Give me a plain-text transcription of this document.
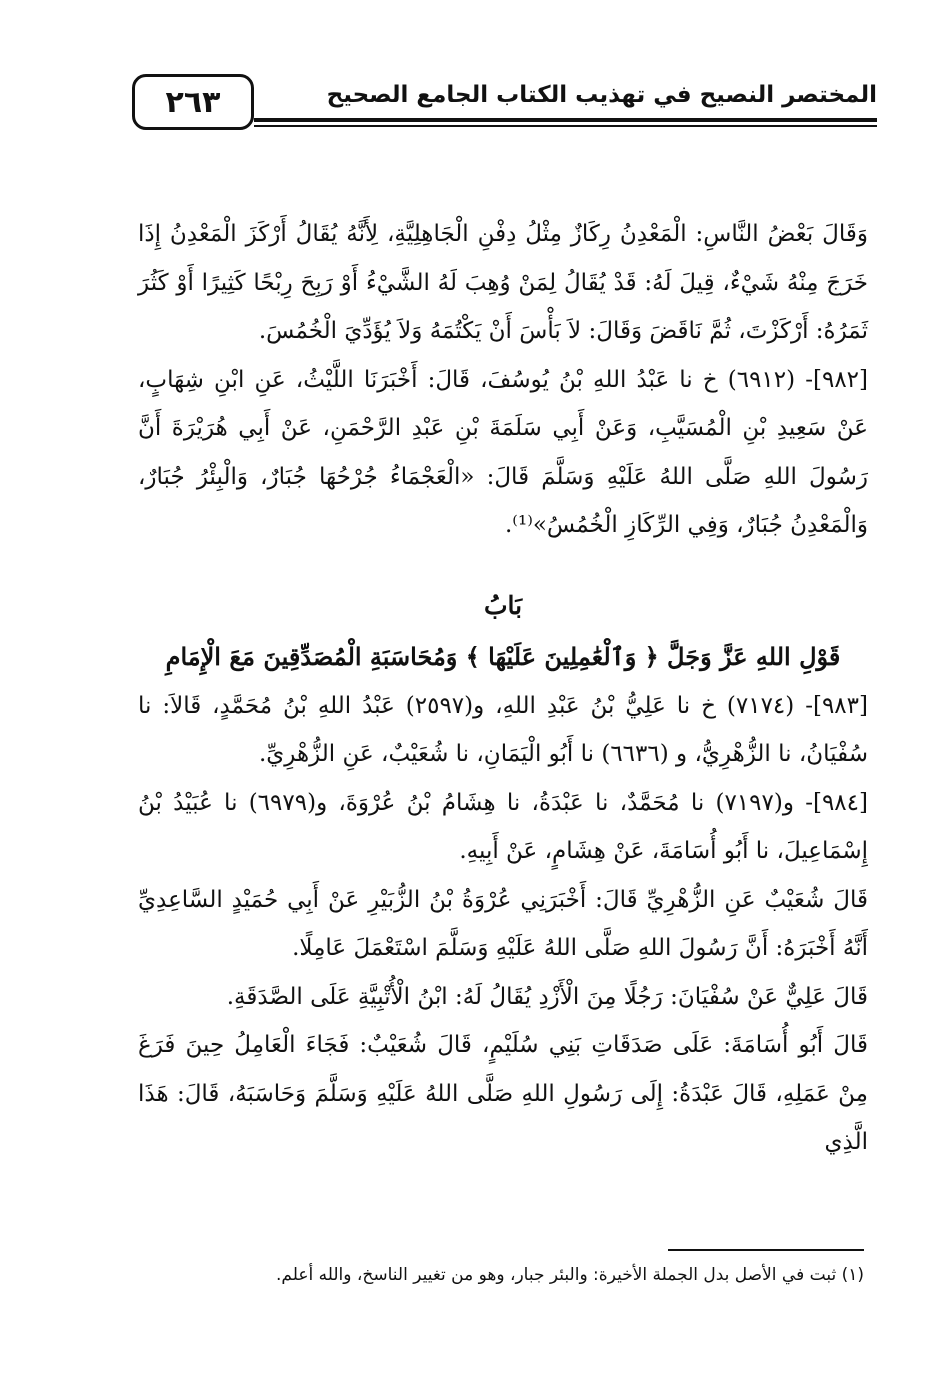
٢٦٣	المختصر النصيح في تهذيب الكتاب الجامع الصحيح

وَقَالَ بَعْضُ النَّاسِ: الْمَعْدِنُ رِكَازٌ مِثْلُ دِفْنِ الْجَاهِلِيَّةِ، لِأَنَّهُ يُقَالُ أَرْكَزَ الْمَعْدِنُ إِذَا خَرَجَ مِنْهُ شَيْءٌ، قِيلَ لَهُ: قَدْ يُقَالُ لِمَنْ وُهِبَ لَهُ الشَّيْءُ أَوْ رَبِحَ رِبْحًا كَثِيرًا أَوْ كَثُرَ ثَمَرُهُ: أَرْكَزْتَ، ثُمَّ نَاقَضَ وَقَالَ: لاَ بَأْسَ أَنْ يَكْتُمَهُ وَلاَ يُؤَدِّيَ الْخُمُسَ.

[٩٨٢]- (٦٩١٢) خ نا عَبْدُ اللهِ بْنُ يُوسُفَ، قَالَ: أَخْبَرَنَا اللَّيْثُ، عَنِ ابْنِ شِهَابٍ، عَنْ سَعِيدِ بْنِ الْمُسَيَّبِ، وَعَنْ أَبِي سَلَمَةَ بْنِ عَبْدِ الرَّحْمَنِ، عَنْ أَبِي هُرَيْرَةَ أَنَّ رَسُولَ اللهِ صَلَّى اللهُ عَلَيْهِ وَسَلَّمَ قَالَ: «الْعَجْمَاءُ جُرْحُهَا جُبَارٌ، وَالْبِئْرُ جُبَارٌ، وَالْمَعْدِنُ جُبَارٌ، وَفِي الرِّكَازِ الْخُمُسُ»⁽¹⁾.

بَابُ

قَوْلِ اللهِ عَزَّ وَجَلَّ ﴿ وَٱلْعَٰمِلِينَ عَلَيْهَا ﴾ وَمُحَاسَبَةِ الْمُصَدِّقِينَ مَعَ الْإِمَامِ

[٩٨٣]- (٧١٧٤) خ نا عَلِيُّ بْنُ عَبْدِ اللهِ، و(٢٥٩٧) عَبْدُ اللهِ بْنُ مُحَمَّدٍ، قَالاَ: نا سُفْيَانُ، نا الزُّهْرِيُّ، و (٦٦٣٦) نا أَبُو الْيَمَانِ، نا شُعَيْبٌ، عَنِ الزُّهْرِيِّ.

[٩٨٤]- و(٧١٩٧) نا مُحَمَّدٌ، نا عَبْدَةُ، نا هِشَامُ بْنُ عُرْوَةَ، و(٦٩٧٩) نا عُبَيْدُ بْنُ إِسْمَاعِيلَ، نا أَبُو أُسَامَةَ، عَنْ هِشَامٍ، عَنْ أَبِيهِ.

قَالَ شُعَيْبٌ عَنِ الزُّهْرِيِّ قَالَ: أَخْبَرَنِي عُرْوَةُ بْنُ الزُّبَيْرِ عَنْ أَبِي حُمَيْدٍ السَّاعِدِيِّ أَنَّهُ أَخْبَرَهُ: أَنَّ رَسُولَ اللهِ صَلَّى اللهُ عَلَيْهِ وَسَلَّمَ اسْتَعْمَلَ عَامِلًا.

قَالَ عَلِيٌّ عَنْ سُفْيَانَ: رَجُلًا مِنَ الْأَزْدِ يُقَالُ لَهُ: ابْنُ الْأُتْبِيَّةِ عَلَى الصَّدَقَةِ.

قَالَ أَبُو أُسَامَةَ: عَلَى صَدَقَاتِ بَنِي سُلَيْمٍ، قَالَ شُعَيْبٌ: فَجَاءَ الْعَامِلُ حِينَ فَرَغَ مِنْ عَمَلِهِ، قَالَ عَبْدَةُ: إِلَى رَسُولِ اللهِ صَلَّى اللهُ عَلَيْهِ وَسَلَّمَ وَحَاسَبَهُ، قَالَ: هَذَا الَّذِي

(١) ثبت في الأصل بدل الجملة الأخيرة: والبئر جبار، وهو من تغيير الناسخ، والله أعلم.
